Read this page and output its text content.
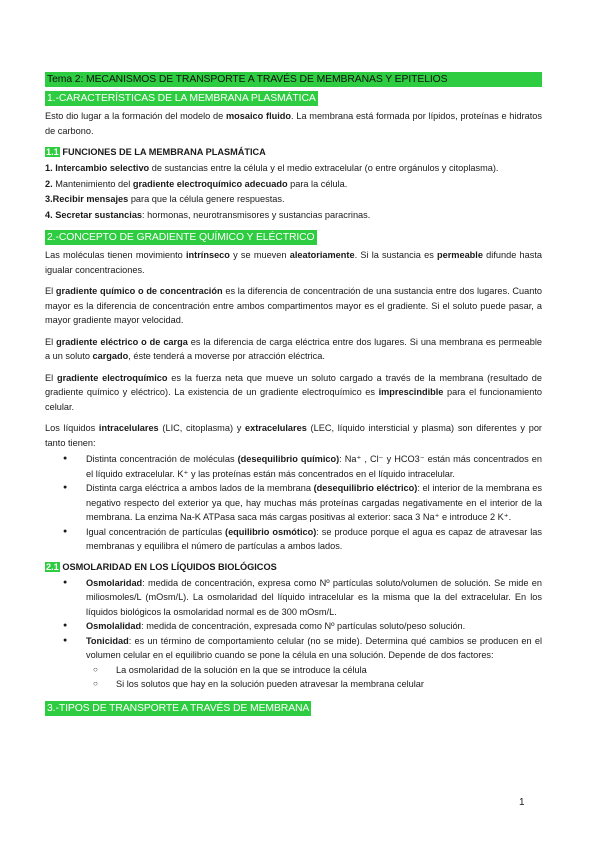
Tema 2: MECANISMOS DE TRANSPORTE A TRAVÉS DE MEMBRANAS Y EPITELIOS
1.-CARACTERÍSTICAS DE LA MEMBRANA PLASMÁTICA

Esto dio lugar a la formación del modelo de mosaico fluido. La membrana está formada por lípidos, proteínas e hidratos de carbono.

1.1 FUNCIONES DE LA MEMBRANA PLASMÁTICA
1. Intercambio selectivo de sustancias entre la célula y el medio extracelular (o entre orgánulos y citoplasma).
2. Mantenimiento del gradiente electroquímico adecuado para la célula.
3.Recibir mensajes para que la célula genere respuestas.
4. Secretar sustancias: hormonas, neurotransmisores y sustancias paracrinas.
2.-CONCEPTO DE GRADIENTE QUÍMICO Y ELÉCTRICO

Las moléculas tienen movimiento intrínseco y se mueven aleatoriamente. Si la sustancia es permeable difunde hasta igualar concentraciones.

El gradiente químico o de concentración es la diferencia de concentración de una sustancia entre dos lugares. Cuanto mayor es la diferencia de concentración entre ambos compartimentos mayor es el gradiente. Si el soluto puede pasar, a mayor gradiente mayor velocidad.

El gradiente eléctrico o de carga es la diferencia de carga eléctrica entre dos lugares. Si una membrana es permeable a un soluto cargado, éste tenderá a moverse por atracción eléctrica.

El gradiente electroquímico es la fuerza neta que mueve un soluto cargado a través de la membrana (resultado de gradiente químico y eléctrico). La existencia de un gradiente electroquímico es imprescindible para el funcionamiento celular.

Los líquidos intracelulares (LIC, citoplasma) y extracelulares (LEC, líquido intersticial y plasma) son diferentes y por tanto tienen:

● Distinta concentración de moléculas (desequilibrio químico): Na⁺ , Cl⁻ y HCO3⁻ están más concentrados en el líquido extracelular. K⁺ y las proteínas están más concentrados en el líquido intracelular.
● Distinta carga eléctrica a ambos lados de la membrana (desequilibrio eléctrico): el interior de la membrana es negativo respecto del exterior ya que, hay muchas más proteínas cargadas negativamente en el interior de la membrana. La enzima Na-K ATPasa saca más cargas positivas al exterior: saca 3 Na⁺ e introduce 2 K⁺.
● Igual concentración de partículas (equilibrio osmótico): se produce porque el agua es capaz de atravesar las membranas y equilibra el número de partículas a ambos lados.
2.1 OSMOLARIDAD EN LOS LÍQUIDOS BIOLÓGICOS
● Osmolaridad: medida de concentración, expresa como Nº partículas soluto/volumen de solución. Se mide en miliosmoles/L (mOsm/L). La osmolaridad del líquido intracelular es la misma que la del extracelular. En los líquidos biológicos la osmolaridad normal es de 300 mOsm/L.
● Osmolalidad: medida de concentración, expresada como Nº partículas soluto/peso solución.
● Tonicidad: es un término de comportamiento celular (no se mide). Determina qué cambios se producen en el volumen celular en el equilibrio cuando se pone la célula en una solución. Depende de dos factores:
○ La osmolaridad de la solución en la que se introduce la célula
○ Si los solutos que hay en la solución pueden atravesar la membrana celular
3.-TIPOS DE TRANSPORTE A TRAVÉS DE MEMBRANA
1
